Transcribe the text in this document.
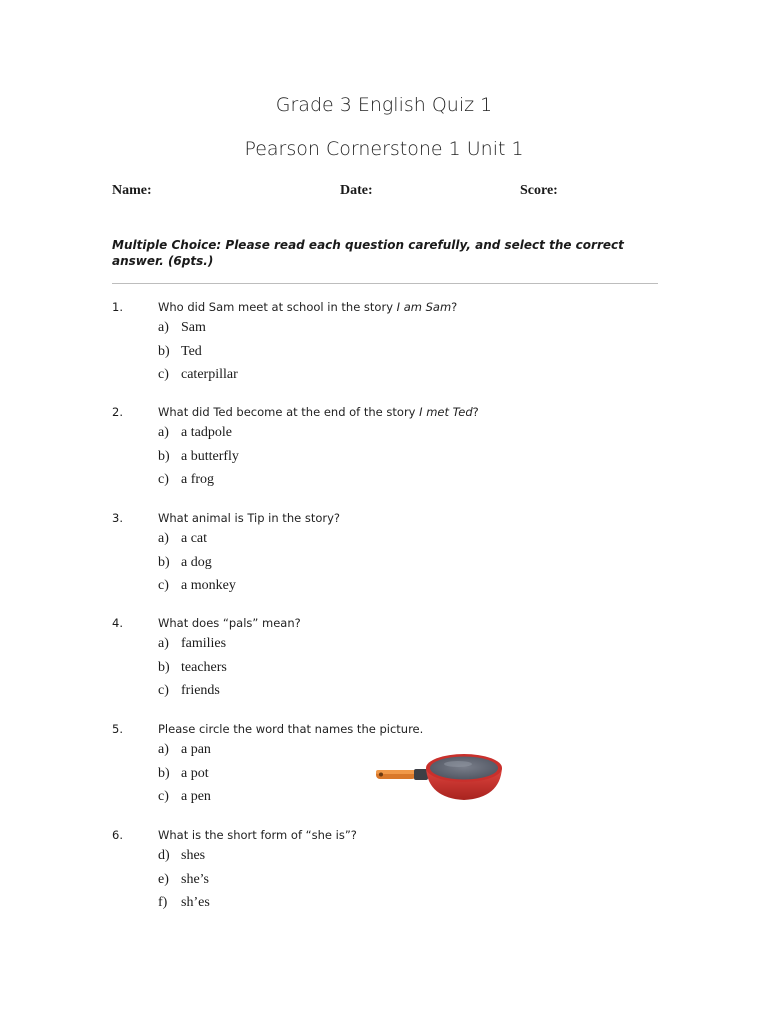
Grade 3 English Quiz 1
Pearson Cornerstone 1 Unit 1
Name:	Date:	Score:
Multiple Choice: Please read each question carefully, and select the correct answer. (6pts.)
1.	Who did Sam meet at school in the story I am Sam?
a) Sam
b) Ted
c) caterpillar
2.	What did Ted become at the end of the story I met Ted?
a) a tadpole
b) a butterfly
c) a frog
3.	What animal is Tip in the story?
a) a cat
b) a dog
c) a monkey
4.	What does “pals” mean?
a) families
b) teachers
c) friends
5.	Please circle the word that names the picture.
a) a pan
b) a pot
c) a pen
6.	What is the short form of “she is”?
d) shes
e) she’s
f) sh’es
